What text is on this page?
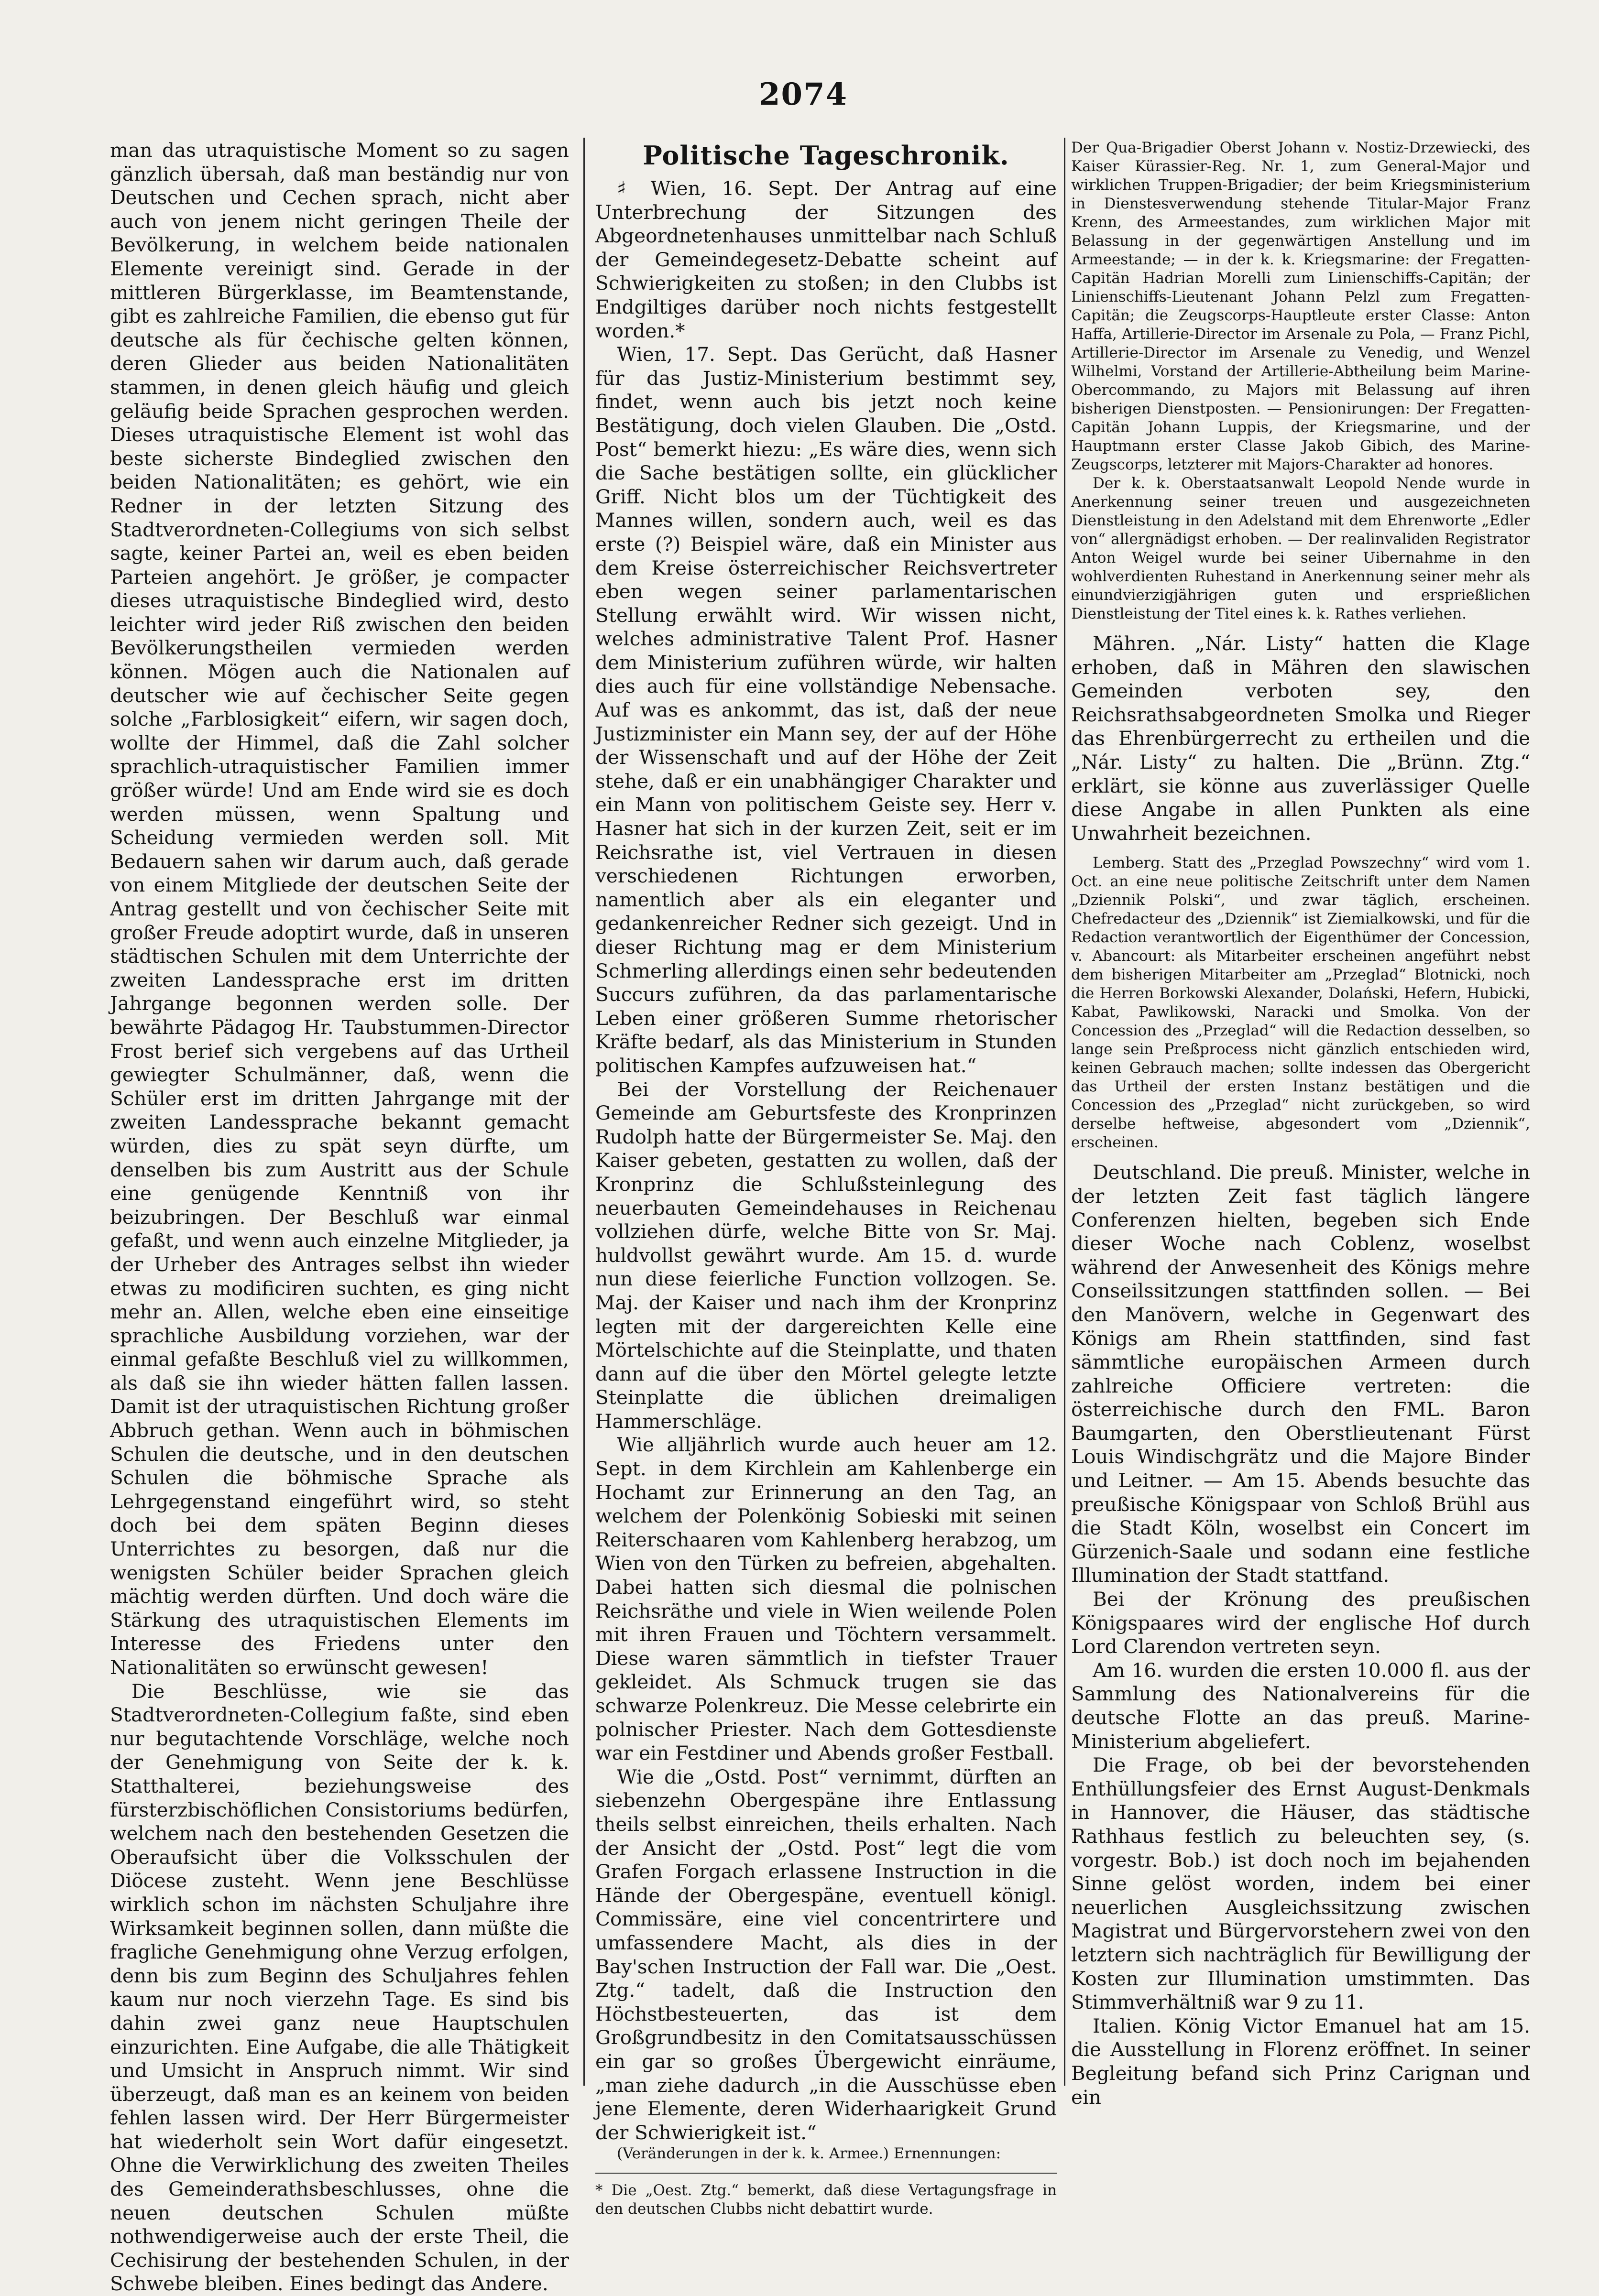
2074

man das utraquistische Moment so zu sagen gänzlich übersah, daß man beständig nur von Deutschen und Cechen sprach, nicht aber auch von jenem nicht geringen Theile der Bevölkerung, in welchem beide nationalen Elemente vereinigt sind. Gerade in der mittleren Bürgerklasse, im Beamtenstande, gibt es zahlreiche Familien, die ebenso gut für deutsche als für čechische gelten können, deren Glieder aus beiden Nationalitäten stammen, in denen gleich häufig und gleich geläufig beide Sprachen gesprochen werden. Dieses utraquistische Element ist wohl das beste sicherste Bindeglied zwischen den beiden Nationalitäten; es gehört, wie ein Redner in der letzten Sitzung des Stadtverordneten-Collegiums von sich selbst sagte, keiner Partei an, weil es eben beiden Parteien angehört. Je größer, je compacter dieses utraquistische Bindeglied wird, desto leichter wird jeder Riß zwischen den beiden Bevölkerungstheilen vermieden werden können. Mögen auch die Nationalen auf deutscher wie auf čechischer Seite gegen solche „Farblosigkeit“ eifern, wir sagen doch, wollte der Himmel, daß die Zahl solcher sprachlich-utraquistischer Familien immer größer würde! Und am Ende wird sie es doch werden müssen, wenn Spaltung und Scheidung vermieden werden soll. Mit Bedauern sahen wir darum auch, daß gerade von einem Mitgliede der deutschen Seite der Antrag gestellt und von čechischer Seite mit großer Freude adoptirt wurde, daß in unseren städtischen Schulen mit dem Unterrichte der zweiten Landessprache erst im dritten Jahrgange begonnen werden solle. Der bewährte Pädagog Hr. Taubstummen-Director Frost berief sich vergebens auf das Urtheil gewiegter Schulmänner, daß, wenn die Schüler erst im dritten Jahrgange mit der zweiten Landessprache bekannt gemacht würden, dies zu spät seyn dürfte, um denselben bis zum Austritt aus der Schule eine genügende Kenntniß von ihr beizubringen. Der Beschluß war einmal gefaßt, und wenn auch einzelne Mitglieder, ja der Urheber des Antrages selbst ihn wieder etwas zu modificiren suchten, es ging nicht mehr an. Allen, welche eben eine einseitige sprachliche Ausbildung vorziehen, war der einmal gefaßte Beschluß viel zu willkommen, als daß sie ihn wieder hätten fallen lassen. Damit ist der utraquistischen Richtung großer Abbruch gethan. Wenn auch in böhmischen Schulen die deutsche, und in den deutschen Schulen die böhmische Sprache als Lehrgegenstand eingeführt wird, so steht doch bei dem späten Beginn dieses Unterrichtes zu besorgen, daß nur die wenigsten Schüler beider Sprachen gleich mächtig werden dürften. Und doch wäre die Stärkung des utraquistischen Elements im Interesse des Friedens unter den Nationalitäten so erwünscht gewesen!

Die Beschlüsse, wie sie das Stadtverordneten-Collegium faßte, sind eben nur begutachtende Vorschläge, welche noch der Genehmigung von Seite der k. k. Statthalterei, beziehungsweise des fürsterzbischöflichen Consistoriums bedürfen, welchem nach den bestehenden Gesetzen die Oberaufsicht über die Volksschulen der Diöcese zusteht. Wenn jene Beschlüsse wirklich schon im nächsten Schuljahre ihre Wirksamkeit beginnen sollen, dann müßte die fragliche Genehmigung ohne Verzug erfolgen, denn bis zum Beginn des Schuljahres fehlen kaum nur noch vierzehn Tage. Es sind bis dahin zwei ganz neue Hauptschulen einzurichten. Eine Aufgabe, die alle Thätigkeit und Umsicht in Anspruch nimmt. Wir sind überzeugt, daß man es an keinem von beiden fehlen lassen wird. Der Herr Bürgermeister hat wiederholt sein Wort dafür eingesetzt. Ohne die Verwirklichung des zweiten Theiles des Gemeinderathsbeschlusses, ohne die neuen deutschen Schulen müßte nothwendigerweise auch der erste Theil, die Cechisirung der bestehenden Schulen, in der Schwebe bleiben. Eines bedingt das Andere.

Politische Tageschronik.

♯ Wien, 16. Sept. Der Antrag auf eine Unterbrechung der Sitzungen des Abgeordnetenhauses unmittelbar nach Schluß der Gemeindegesetz-Debatte scheint auf Schwierigkeiten zu stoßen; in den Clubbs ist Endgiltiges darüber noch nichts festgestellt worden.*

Wien, 17. Sept. Das Gerücht, daß Hasner für das Justiz-Ministerium bestimmt sey, findet, wenn auch bis jetzt noch keine Bestätigung, doch vielen Glauben. Die „Ostd. Post“ bemerkt hiezu: „Es wäre dies, wenn sich die Sache bestätigen sollte, ein glücklicher Griff. Nicht blos um der Tüchtigkeit des Mannes willen, sondern auch, weil es das erste (?) Beispiel wäre, daß ein Minister aus dem Kreise österreichischer Reichsvertreter eben wegen seiner parlamentarischen Stellung erwählt wird. Wir wissen nicht, welches administrative Talent Prof. Hasner dem Ministerium zuführen würde, wir halten dies auch für eine vollständige Nebensache. Auf was es ankommt, das ist, daß der neue Justizminister ein Mann sey, der auf der Höhe der Wissenschaft und auf der Höhe der Zeit stehe, daß er ein unabhängiger Charakter und ein Mann von politischem Geiste sey. Herr v. Hasner hat sich in der kurzen Zeit, seit er im Reichsrathe ist, viel Vertrauen in diesen verschiedenen Richtungen erworben, namentlich aber als ein eleganter und gedankenreicher Redner sich gezeigt. Und in dieser Richtung mag er dem Ministerium Schmerling allerdings einen sehr bedeutenden Succurs zuführen, da das parlamentarische Leben einer größeren Summe rhetorischer Kräfte bedarf, als das Ministerium in Stunden politischen Kampfes aufzuweisen hat.“

Bei der Vorstellung der Reichenauer Gemeinde am Geburtsfeste des Kronprinzen Rudolph hatte der Bürgermeister Se. Maj. den Kaiser gebeten, gestatten zu wollen, daß der Kronprinz die Schlußsteinlegung des neuerbauten Gemeindehauses in Reichenau vollziehen dürfe, welche Bitte von Sr. Maj. huldvollst gewährt wurde. Am 15. d. wurde nun diese feierliche Function vollzogen. Se. Maj. der Kaiser und nach ihm der Kronprinz legten mit der dargereichten Kelle eine Mörtelschichte auf die Steinplatte, und thaten dann auf die über den Mörtel gelegte letzte Steinplatte die üblichen dreimaligen Hammerschläge.

Wie alljährlich wurde auch heuer am 12. Sept. in dem Kirchlein am Kahlenberge ein Hochamt zur Erinnerung an den Tag, an welchem der Polenkönig Sobieski mit seinen Reiterschaaren vom Kahlenberg herabzog, um Wien von den Türken zu befreien, abgehalten. Dabei hatten sich diesmal die polnischen Reichsräthe und viele in Wien weilende Polen mit ihren Frauen und Töchtern versammelt. Diese waren sämmtlich in tiefster Trauer gekleidet. Als Schmuck trugen sie das schwarze Polenkreuz. Die Messe celebrirte ein polnischer Priester. Nach dem Gottesdienste war ein Festdiner und Abends großer Festball.

Wie die „Ostd. Post“ vernimmt, dürften an siebenzehn Obergespäne ihre Entlassung theils selbst einreichen, theils erhalten. Nach der Ansicht der „Ostd. Post“ legt die vom Grafen Forgach erlassene Instruction in die Hände der Obergespäne, eventuell königl. Commissäre, eine viel concentrirtere und umfassendere Macht, als dies in der Bay'schen Instruction der Fall war. Die „Oest. Ztg.“ tadelt, daß die Instruction den Höchstbesteuerten, das ist dem Großgrundbesitz in den Comitatsausschüssen ein gar so großes Übergewicht einräume, „man ziehe dadurch „in die Ausschüsse eben jene Elemente, deren Widerhaarigkeit Grund der Schwierigkeit ist.“

(Veränderungen in der k. k. Armee.) Ernennungen:

* Die „Oest. Ztg.“ bemerkt, daß diese Vertagungsfrage in den deutschen Clubbs nicht debattirt wurde.

Der Qua-Brigadier Oberst Johann v. Nostiz-Drzewiecki, des Kaiser Kürassier-Reg. Nr. 1, zum General-Major und wirklichen Truppen-Brigadier; der beim Kriegsministerium in Dienstesverwendung stehende Titular-Major Franz Krenn, des Armeestandes, zum wirklichen Major mit Belassung in der gegenwärtigen Anstellung und im Armeestande; — in der k. k. Kriegsmarine: der Fregatten-Capitän Hadrian Morelli zum Linienschiffs-Capitän; der Linienschiffs-Lieutenant Johann Pelzl zum Fregatten-Capitän; die Zeugscorps-Hauptleute erster Classe: Anton Haffa, Artillerie-Director im Arsenale zu Pola, — Franz Pichl, Artillerie-Director im Arsenale zu Venedig, und Wenzel Wilhelmi, Vorstand der Artillerie-Abtheilung beim Marine-Obercommando, zu Majors mit Belassung auf ihren bisherigen Dienstposten. — Pensionirungen: Der Fregatten-Capitän Johann Luppis, der Kriegsmarine, und der Hauptmann erster Classe Jakob Gibich, des Marine-Zeugscorps, letzterer mit Majors-Charakter ad honores.

Der k. k. Oberstaatsanwalt Leopold Nende wurde in Anerkennung seiner treuen und ausgezeichneten Dienstleistung in den Adelstand mit dem Ehrenworte „Edler von“ allergnädigst erhoben. — Der realinvaliden Registrator Anton Weigel wurde bei seiner Uibernahme in den wohlverdienten Ruhestand in Anerkennung seiner mehr als einundvierzigjährigen guten und ersprießlichen Dienstleistung der Titel eines k. k. Rathes verliehen.

Mähren. „Nár. Listy“ hatten die Klage erhoben, daß in Mähren den slawischen Gemeinden verboten sey, den Reichsrathsabgeordneten Smolka und Rieger das Ehrenbürgerrecht zu ertheilen und die „Nár. Listy“ zu halten. Die „Brünn. Ztg.“ erklärt, sie könne aus zuverlässiger Quelle diese Angabe in allen Punkten als eine Unwahrheit bezeichnen.

Lemberg. Statt des „Przeglad Powszechny“ wird vom 1. Oct. an eine neue politische Zeitschrift unter dem Namen „Dziennik Polski“, und zwar täglich, erscheinen. Chefredacteur des „Dziennik“ ist Ziemialkowski, und für die Redaction verantwortlich der Eigenthümer der Concession, v. Abancourt: als Mitarbeiter erscheinen angeführt nebst dem bisherigen Mitarbeiter am „Przeglad“ Blotnicki, noch die Herren Borkowski Alexander, Dolański, Hefern, Hubicki, Kabat, Pawlikowski, Naracki und Smolka. Von der Concession des „Przeglad“ will die Redaction desselben, so lange sein Preßprocess nicht gänzlich entschieden wird, keinen Gebrauch machen; sollte indessen das Obergericht das Urtheil der ersten Instanz bestätigen und die Concession des „Przeglad“ nicht zurückgeben, so wird derselbe heftweise, abgesondert vom „Dziennik“, erscheinen.

Deutschland. Die preuß. Minister, welche in der letzten Zeit fast täglich längere Conferenzen hielten, begeben sich Ende dieser Woche nach Coblenz, woselbst während der Anwesenheit des Königs mehre Conseilssitzungen stattfinden sollen. — Bei den Manövern, welche in Gegenwart des Königs am Rhein stattfinden, sind fast sämmtliche europäischen Armeen durch zahlreiche Officiere vertreten: die österreichische durch den FML. Baron Baumgarten, den Oberstlieutenant Fürst Louis Windischgrätz und die Majore Binder und Leitner. — Am 15. Abends besuchte das preußische Königspaar von Schloß Brühl aus die Stadt Köln, woselbst ein Concert im Gürzenich-Saale und sodann eine festliche Illumination der Stadt stattfand.

Bei der Krönung des preußischen Königspaares wird der englische Hof durch Lord Clarendon vertreten seyn.

Am 16. wurden die ersten 10.000 fl. aus der Sammlung des Nationalvereins für die deutsche Flotte an das preuß. Marine-Ministerium abgeliefert.

Die Frage, ob bei der bevorstehenden Enthüllungsfeier des Ernst August-Denkmals in Hannover, die Häuser, das städtische Rathhaus festlich zu beleuchten sey, (s. vorgestr. Bob.) ist doch noch im bejahenden Sinne gelöst worden, indem bei einer neuerlichen Ausgleichssitzung zwischen Magistrat und Bürgervorstehern zwei von den letztern sich nachträglich für Bewilligung der Kosten zur Illumination umstimmten. Das Stimmverhältniß war 9 zu 11.

Italien. König Victor Emanuel hat am 15. die Ausstellung in Florenz eröffnet. In seiner Begleitung befand sich Prinz Carignan und ein
